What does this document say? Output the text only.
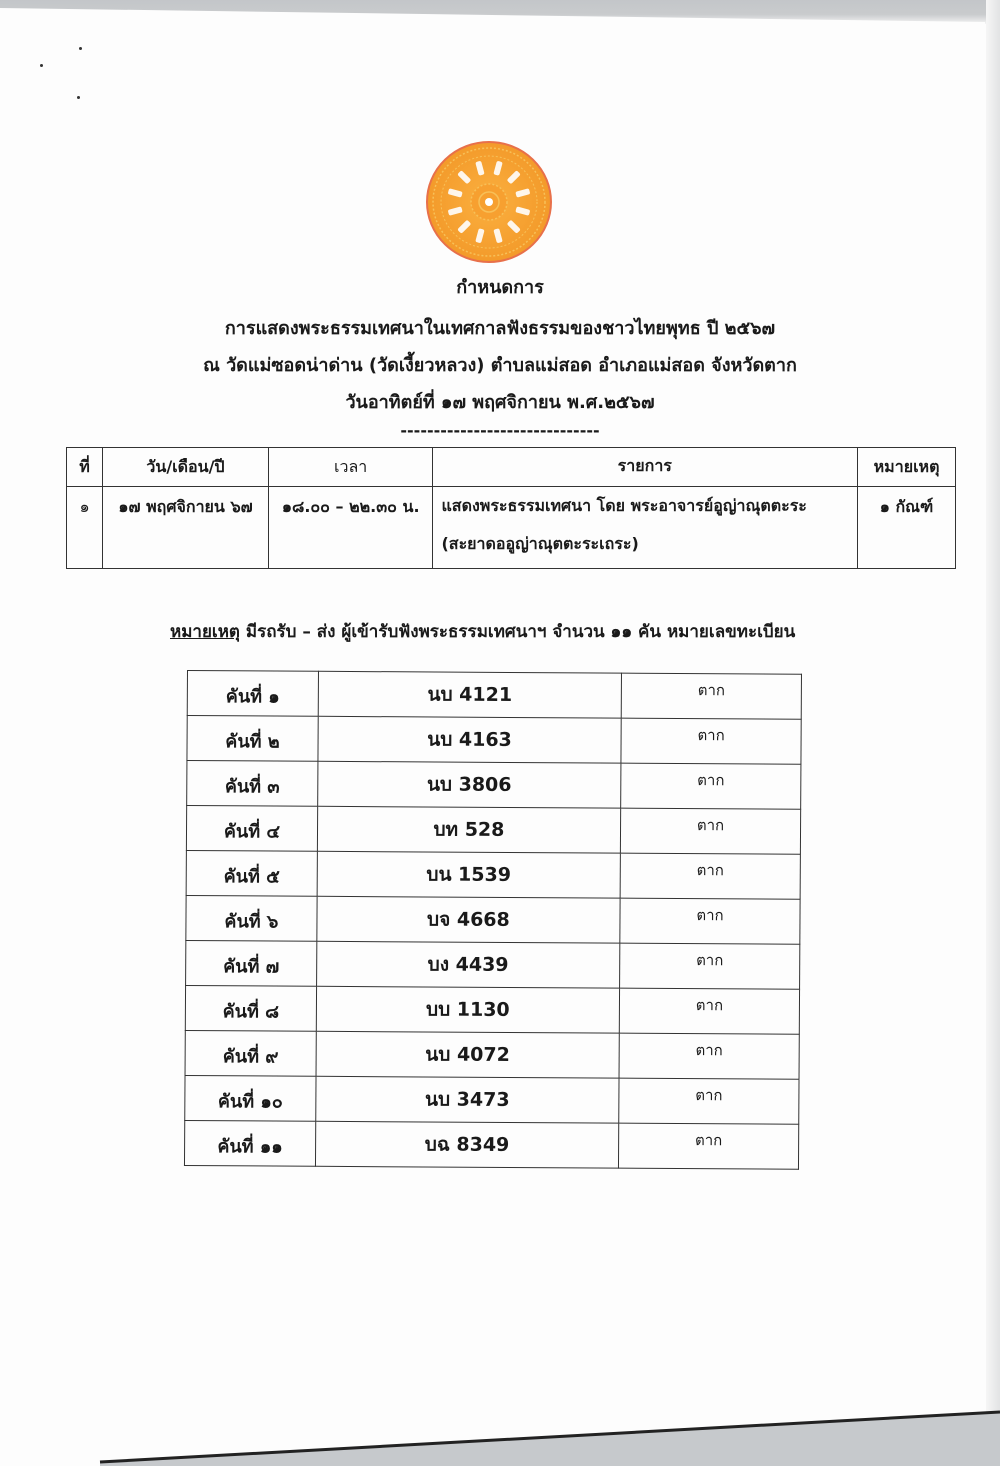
กำหนดการ
การแสดงพระธรรมเทศนาในเทศกาลฟังธรรมของชาวไทยพุทธ ปี ๒๕๖๗
ณ วัดแม่ซอดน่าด่าน (วัดเงี้ยวหลวง) ตำบลแม่สอด อำเภอแม่สอด จังหวัดตาก
วันอาทิตย์ที่ ๑๗ พฤศจิกายน พ.ศ.๒๕๖๗
------------------------------
ที่	วัน/เดือน/ปี	เวลา	รายการ	หมายเหตุ
๑	๑๗ พฤศจิกายน ๖๗	๑๘.๐๐ – ๒๒.๓๐ น.	แสดงพระธรรมเทศนา โดย พระอาจารย์อูญ่าณุตตะระ
(สะยาดออูญ่าณุตตะระเถระ)	๑ กัณฑ์
หมายเหตุ มีรถรับ – ส่ง ผู้เข้ารับฟังพระธรรมเทศนาฯ จำนวน ๑๑ คัน หมายเลขทะเบียน
คันที่ ๑	นบ 4121	ตาก
คันที่ ๒	นบ 4163	ตาก
คันที่ ๓	นบ 3806	ตาก
คันที่ ๔	บท 528	ตาก
คันที่ ๕	บน 1539	ตาก
คันที่ ๖	บจ 4668	ตาก
คันที่ ๗	บง 4439	ตาก
คันที่ ๘	บบ 1130	ตาก
คันที่ ๙	นบ 4072	ตาก
คันที่ ๑๐	นบ 3473	ตาก
คันที่ ๑๑	บฉ 8349	ตาก
